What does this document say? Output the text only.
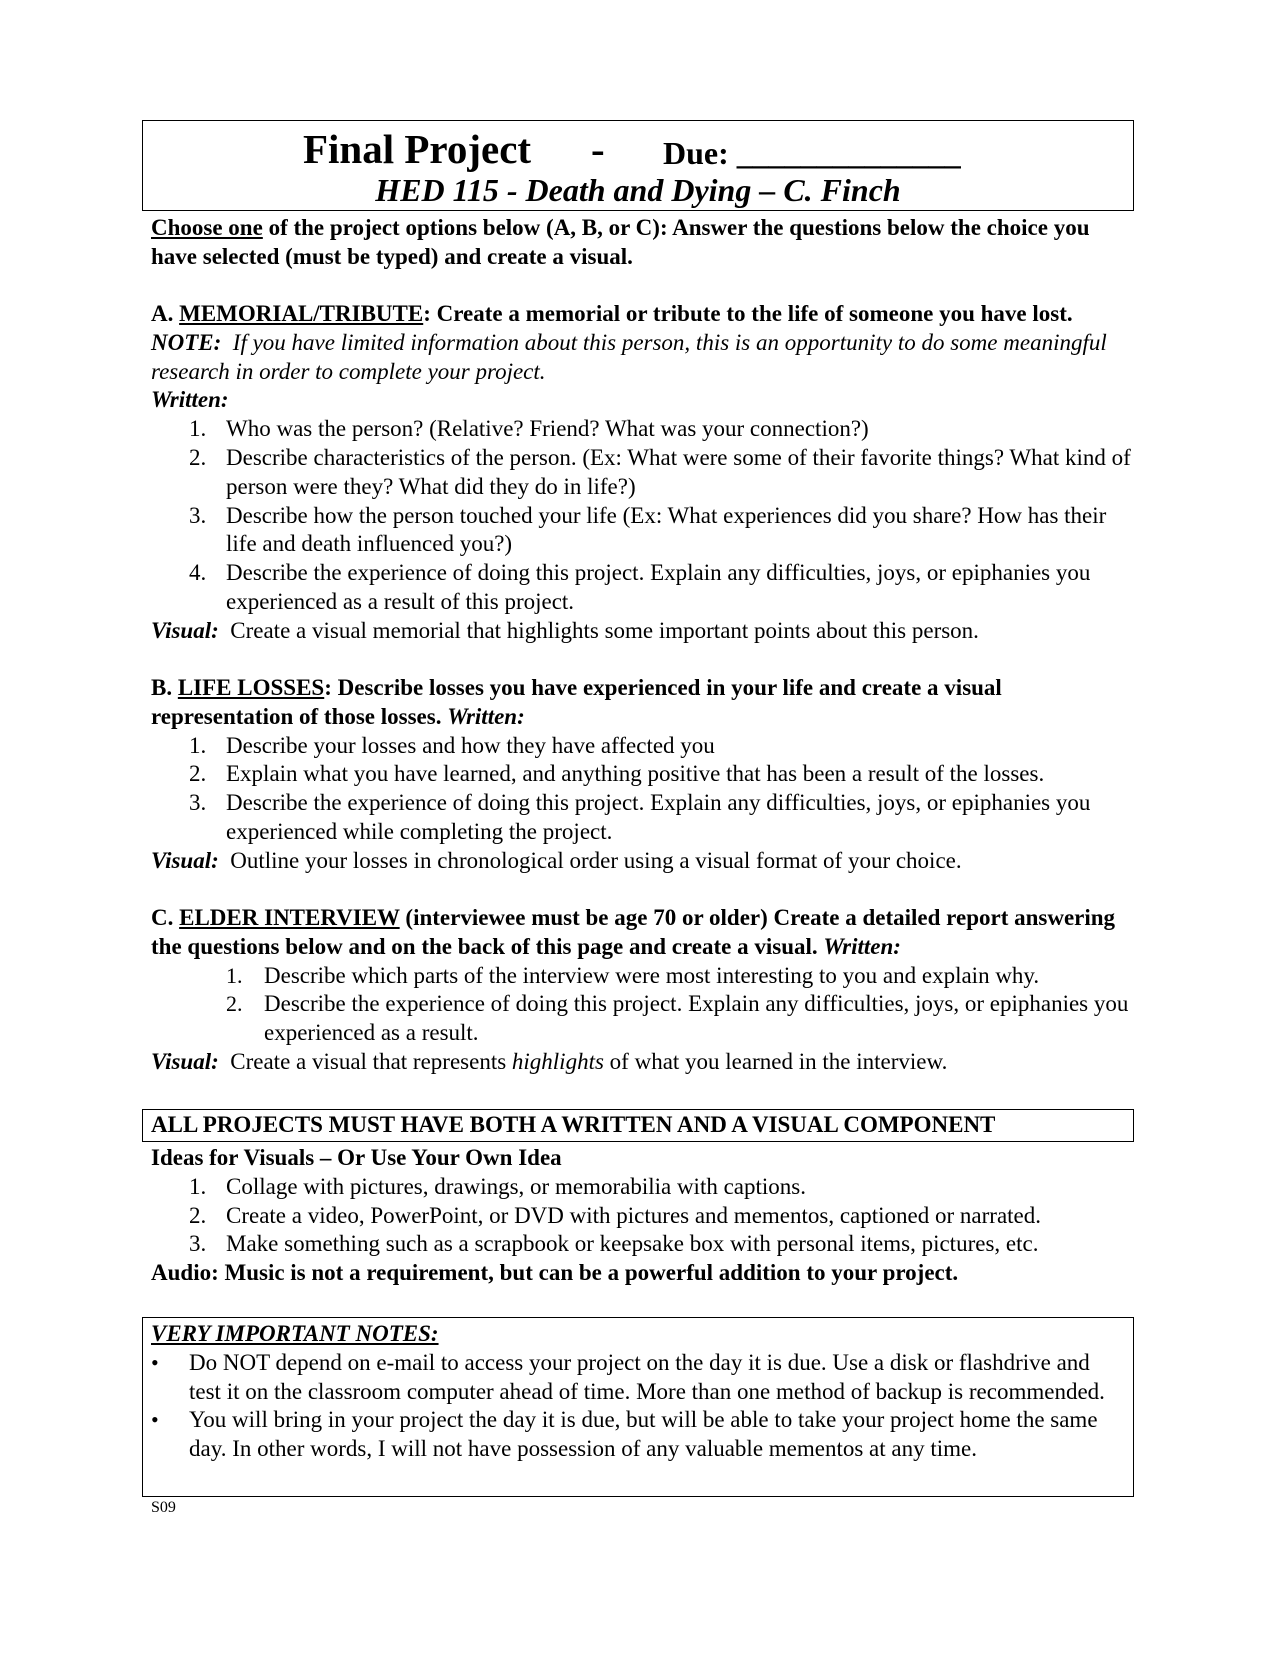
Final Project - Due: ______________
HED 115 - Death and Dying – C. Finch

Choose one of the project options below (A, B, or C): Answer the questions below the choice you have selected (must be typed) and create a visual.

A. MEMORIAL/TRIBUTE: Create a memorial or tribute to the life of someone you have lost.  NOTE: If you have limited information about this person, this is an opportunity to do some meaningful research in order to complete your project.

Written:

1. Who was the person? (Relative? Friend? What was your connection?)
2. Describe characteristics of the person. (Ex: What were some of their favorite things? What kind of person were they? What did they do in life?)
3. Describe how the person touched your life (Ex: What experiences did you share? How has their life and death influenced you?)
4. Describe the experience of doing this project. Explain any difficulties, joys, or epiphanies you experienced as a result of this project.

Visual: Create a visual memorial that highlights some important points about this person.

B. LIFE LOSSES: Describe losses you have experienced in your life and create a visual representation of those losses. Written:

1. Describe your losses and how they have affected you
2. Explain what you have learned, and anything positive that has been a result of the losses.
3. Describe the experience of doing this project. Explain any difficulties, joys, or epiphanies you experienced while completing the project.

Visual: Outline your losses in chronological order using a visual format of your choice.

C. ELDER INTERVIEW (interviewee must be age 70 or older) Create a detailed report answering the questions below and on the back of this page and create a visual. Written:

1. Describe which parts of the interview were most interesting to you and explain why.
2. Describe the experience of doing this project. Explain any difficulties, joys, or epiphanies you experienced as a result.

Visual: Create a visual that represents highlights of what you learned in the interview.

ALL PROJECTS MUST HAVE BOTH A WRITTEN AND A VISUAL COMPONENT

Ideas for Visuals – Or Use Your Own Idea

1. Collage with pictures, drawings, or memorabilia with captions.
2. Create a video, PowerPoint, or DVD with pictures and mementos, captioned or narrated.
3. Make something such as a scrapbook or keepsake box with personal items, pictures, etc.

Audio: Music is not a requirement, but can be a powerful addition to your project.

VERY IMPORTANT NOTES:

• Do NOT depend on e-mail to access your project on the day it is due. Use a disk or flashdrive and test it on the classroom computer ahead of time. More than one method of backup is recommended.
• You will bring in your project the day it is due, but will be able to take your project home the same day. In other words, I will not have possession of any valuable mementos at any time.
S09
